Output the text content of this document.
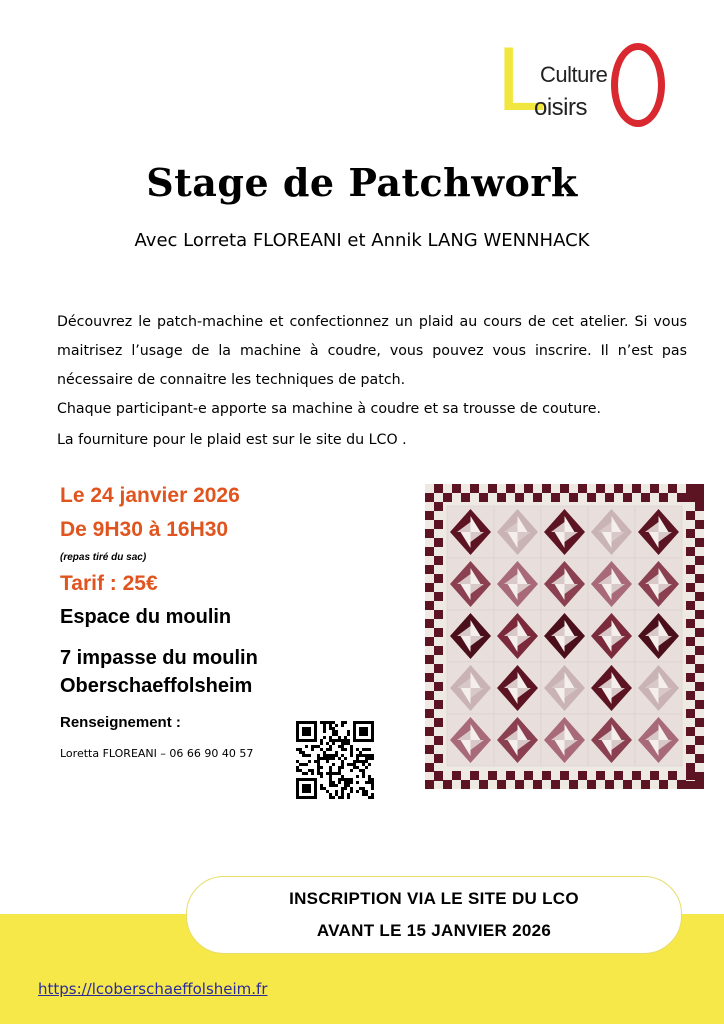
L
Culture
oisirs
Stage de Patchwork
Avec Lorreta FLOREANI et Annik LANG WENNHACK

Découvrez le patch-machine et confectionnez un plaid au cours de cet atelier. Si vous maitrisez l’usage de la machine à coudre, vous pouvez vous inscrire. Il n’est pas nécessaire de connaitre les techniques de patch.

Chaque participant-e apporte sa machine à coudre et sa trousse de couture.

La fourniture pour le plaid est sur le site du LCO .

Le 24 janvier 2026
De 9H30 à 16H30
(repas tiré du sac)
Tarif : 25€
Espace du moulin
7 impasse du moulin
Oberschaeffolsheim
Renseignement :
Loretta FLOREANI – 06 66 90 40 57
INSCRIPTION VIA LE SITE DU LCO
AVANT LE 15 JANVIER 2026
https://lcoberschaeffolsheim.fr
